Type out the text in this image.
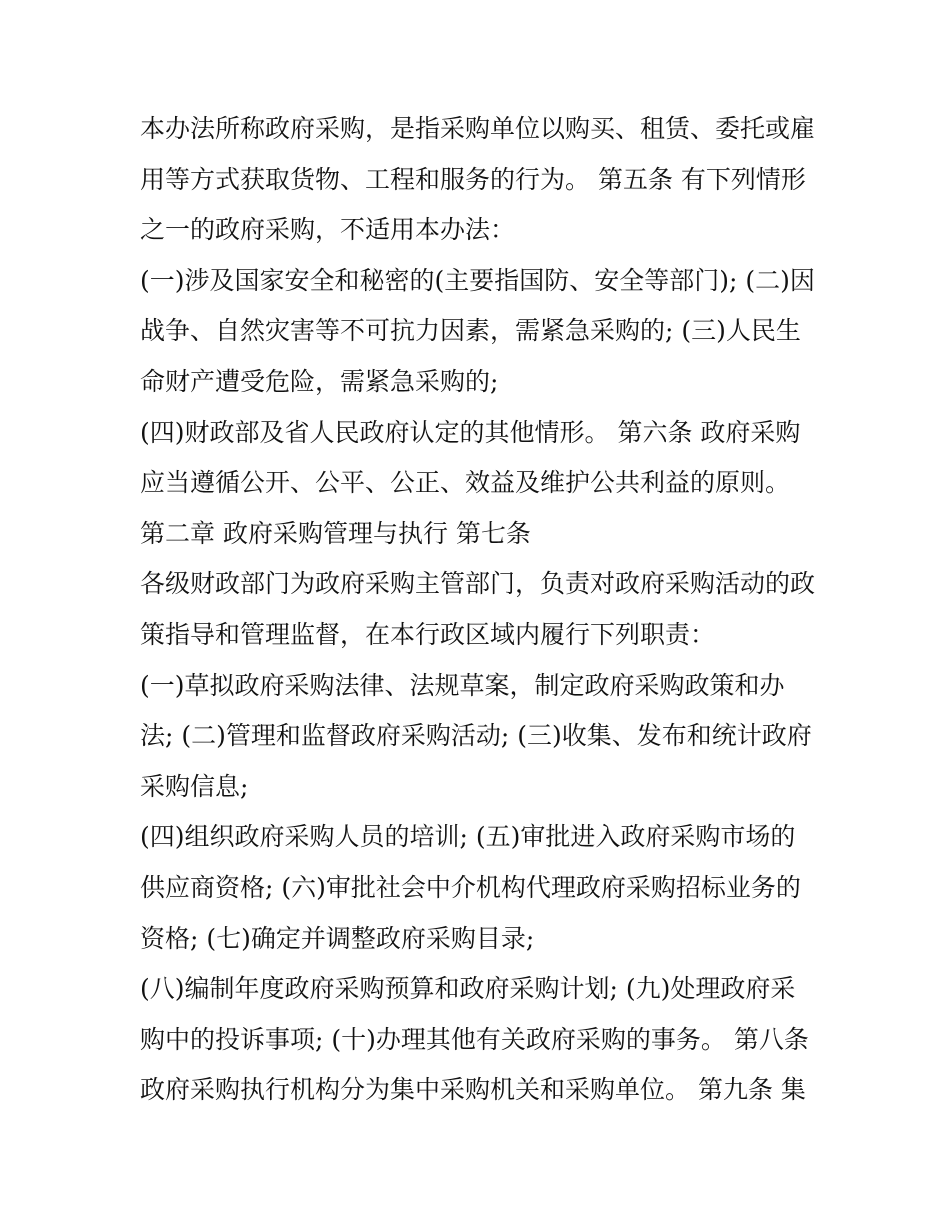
本办法所称政府采购，是指采购单位以购买、租赁、委托或雇
用等方式获取货物、工程和服务的行为。 第五条 有下列情形
之一的政府采购，不适用本办法：
(一)涉及国家安全和秘密的(主要指国防、安全等部门); (二)因
战争、自然灾害等不可抗力因素，需紧急采购的; (三)人民生
命财产遭受危险，需紧急采购的;
(四)财政部及省人民政府认定的其他情形。 第六条 政府采购
应当遵循公开、公平、公正、效益及维护公共利益的原则。
第二章 政府采购管理与执行 第七条
各级财政部门为政府采购主管部门，负责对政府采购活动的政
策指导和管理监督，在本行政区域内履行下列职责：
(一)草拟政府采购法律、法规草案，制定政府采购政策和办
法; (二)管理和监督政府采购活动; (三)收集、发布和统计政府
采购信息;
(四)组织政府采购人员的培训; (五)审批进入政府采购市场的
供应商资格; (六)审批社会中介机构代理政府采购招标业务的
资格; (七)确定并调整政府采购目录;
(八)编制年度政府采购预算和政府采购计划; (九)处理政府采
购中的投诉事项; (十)办理其他有关政府采购的事务。 第八条
政府采购执行机构分为集中采购机关和采购单位。 第九条 集
